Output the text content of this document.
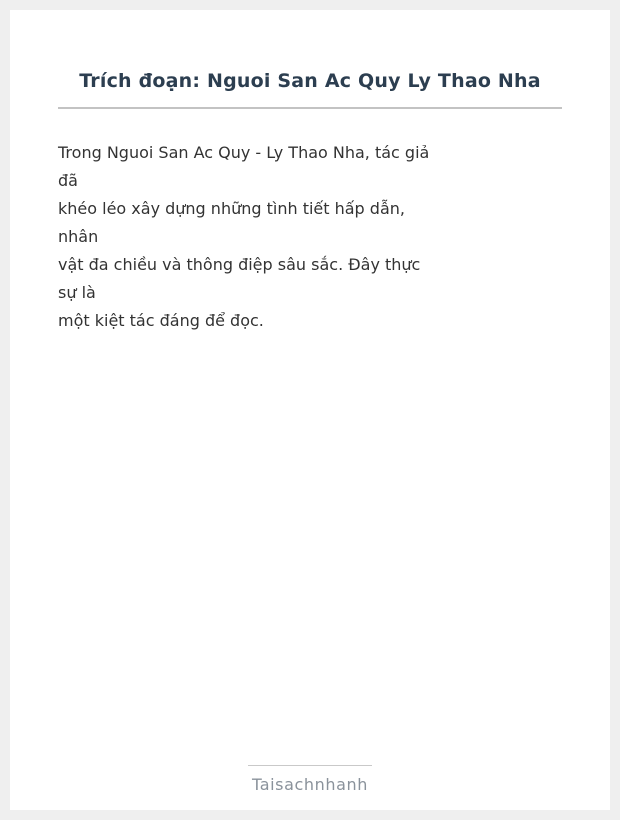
Trích đoạn: Nguoi San Ac Quy Ly Thao Nha
Trong Nguoi San Ac Quy - Ly Thao Nha, tác giả
đã
khéo léo xây dựng những tình tiết hấp dẫn,
nhân
vật đa chiều và thông điệp sâu sắc. Đây thực
sự là
một kiệt tác đáng để đọc.
Taisachnhanh
